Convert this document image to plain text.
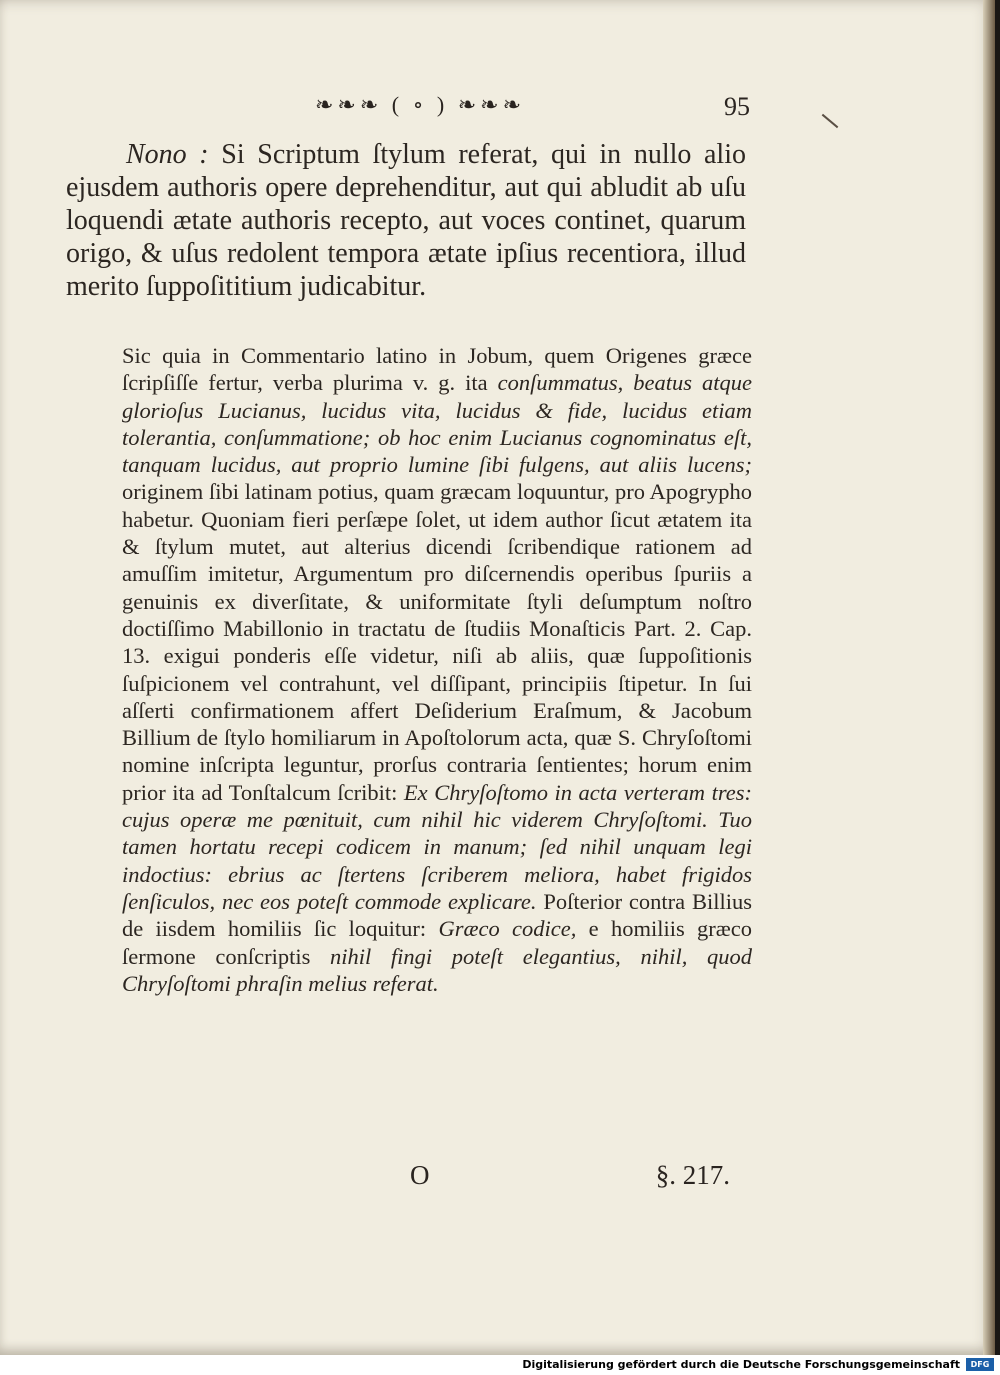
❧❧❧ ( ∘ ) ❧❧❧	95

Nono : Si Scriptum ſtylum referat, qui in nullo alio ejusdem authoris opere deprehenditur, aut qui abludit ab uſu loquendi ætate authoris recepto, aut voces continet, quarum origo, & uſus redolent tempora ætate ipſius recentiora, illud merito ſuppoſititium judicabitur.

Sic quia in Commentario latino in Jobum, quem Origenes græce ſcripſiſſe fertur, verba plurima v. g. ita conſummatus, beatus atque glorioſus Lucianus, lucidus vita, lucidus & fide, lucidus etiam tolerantia, conſummatione; ob hoc enim Lucianus cognominatus eſt, tanquam lucidus, aut proprio lumine ſibi fulgens, aut aliis lucens; originem ſibi latinam potius, quam græcam loquuntur, pro Apogrypho habetur. Quoniam fieri perſæpe ſolet, ut idem author ſicut ætatem ita & ſtylum mutet, aut alterius dicendi ſcribendique rationem ad amuſſim imitetur, Argumentum pro diſcernendis operibus ſpuriis a genuinis ex diverſitate, & uniformitate ſtyli deſumptum noſtro doctiſſimo Mabillonio in tractatu de ſtudiis Monaſticis Part. 2. Cap. 13. exigui ponderis eſſe videtur, niſi ab aliis, quæ ſuppoſitionis ſuſpicionem vel contrahunt, vel diſſipant, principiis ſtipetur. In ſui aſſerti confirmationem affert Deſiderium Eraſmum, & Jacobum Billium de ſtylo homiliarum in Apoſtolorum acta, quæ S. Chryſoſtomi nomine inſcripta leguntur, prorſus contraria ſentientes; horum enim prior ita ad Tonſtalcum ſcribit: Ex Chryſoſtomo in acta verteram tres: cujus operæ me pœnituit, cum nihil hic viderem Chryſoſtomi. Tuo tamen hortatu recepi codicem in manum; ſed nihil unquam legi indoctius: ebrius ac ſtertens ſcriberem meliora, habet frigidos ſenſiculos, nec eos poteſt commode explicare. Poſterior contra Billius de iisdem homiliis ſic loquitur: Græco codice, e homiliis græco ſermone conſcriptis nihil fingi poteſt elegantius, nihil, quod Chryſoſtomi phraſin melius referat.

O	§. 217.
Digitalisierung gefördert durch die Deutsche Forschungsgemeinschaft	DFG
